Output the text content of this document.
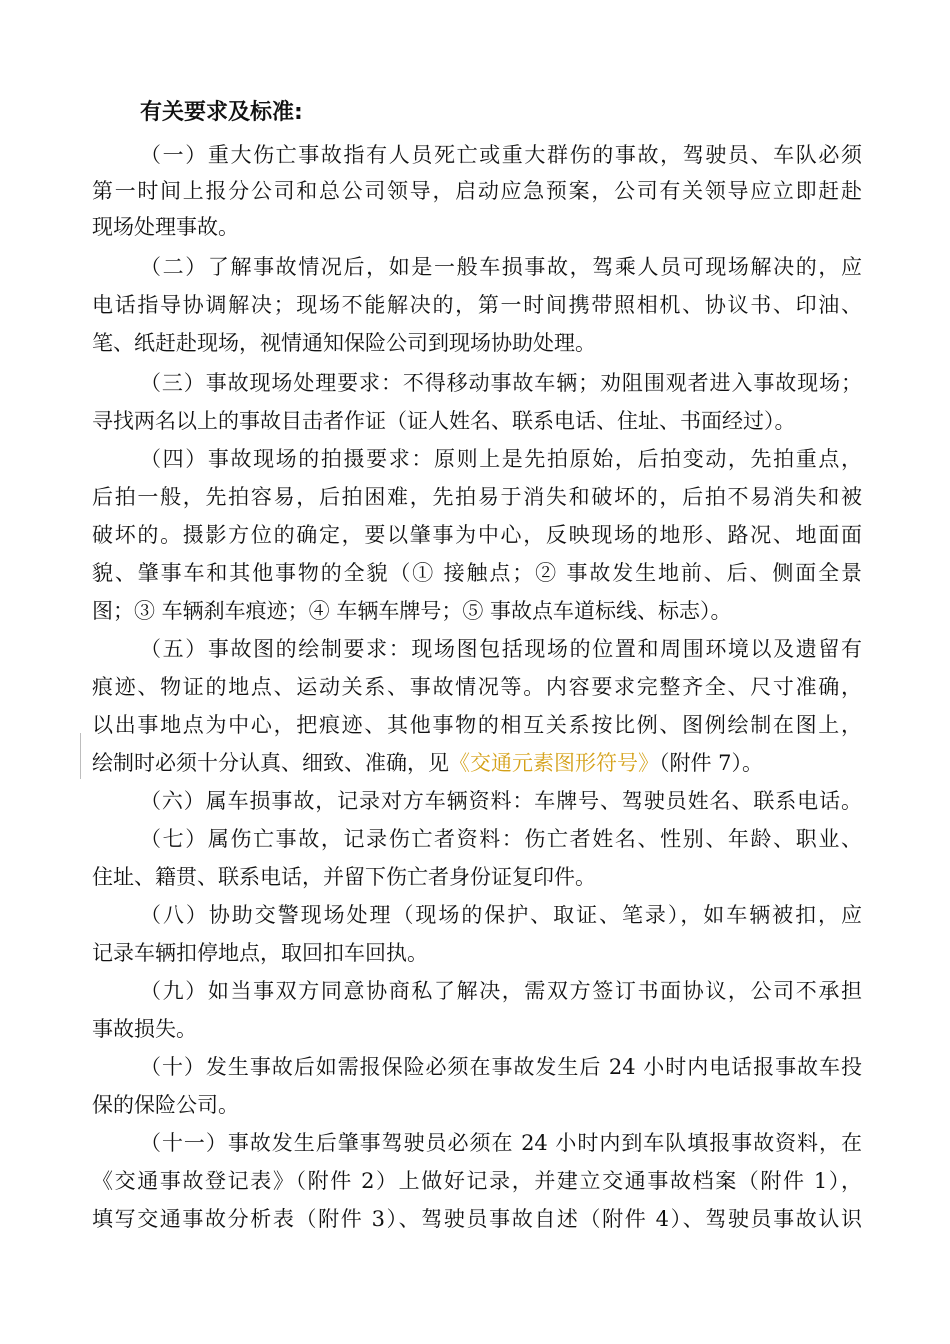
有关要求及标准:
（一）重大伤亡事故指有人员死亡或重大群伤的事故，驾驶员、车队必须
第一时间上报分公司和总公司领导，启动应急预案，公司有关领导应立即赶赴
现场处理事故。
（二）了解事故情况后，如是一般车损事故，驾乘人员可现场解决的，应
电话指导协调解决；现场不能解决的，第一时间携带照相机、协议书、印油、
笔、纸赶赴现场，视情通知保险公司到现场协助处理。
（三）事故现场处理要求：不得移动事故车辆；劝阻围观者进入事故现场；
寻找两名以上的事故目击者作证（证人姓名、联系电话、住址、书面经过）。
（四）事故现场的拍摄要求：原则上是先拍原始，后拍变动，先拍重点，
后拍一般，先拍容易，后拍困难，先拍易于消失和破坏的，后拍不易消失和被
破坏的。摄影方位的确定，要以肇事为中心，反映现场的地形、路况、地面面
貌、肇事车和其他事物的全貌（① 接触点；② 事故发生地前、后、侧面全景
图；③ 车辆刹车痕迹；④ 车辆车牌号；⑤ 事故点车道标线、标志）。
（五）事故图的绘制要求：现场图包括现场的位置和周围环境以及遗留有
痕迹、物证的地点、运动关系、事故情况等。内容要求完整齐全、尺寸准确，
以出事地点为中心，把痕迹、其他事物的相互关系按比例、图例绘制在图上，
绘制时必须十分认真、细致、准确，见《交通元素图形符号》（附件 7）。
（六）属车损事故，记录对方车辆资料：车牌号、驾驶员姓名、联系电话。
（七）属伤亡事故，记录伤亡者资料：伤亡者姓名、性别、年龄、职业、
住址、籍贯、联系电话，并留下伤亡者身份证复印件。
（八）协助交警现场处理（现场的保护、取证、笔录），如车辆被扣，应
记录车辆扣停地点，取回扣车回执。
（九）如当事双方同意协商私了解决，需双方签订书面协议，公司不承担
事故损失。
（十）发生事故后如需报保险必须在事故发生后 24 小时内电话报事故车投
保的保险公司。
（十一）事故发生后肇事驾驶员必须在 24 小时内到车队填报事故资料，在
《交通事故登记表》（附件 2）上做好记录，并建立交通事故档案（附件 1），
填写交通事故分析表（附件 3）、驾驶员事故自述（附件 4）、驾驶员事故认识
